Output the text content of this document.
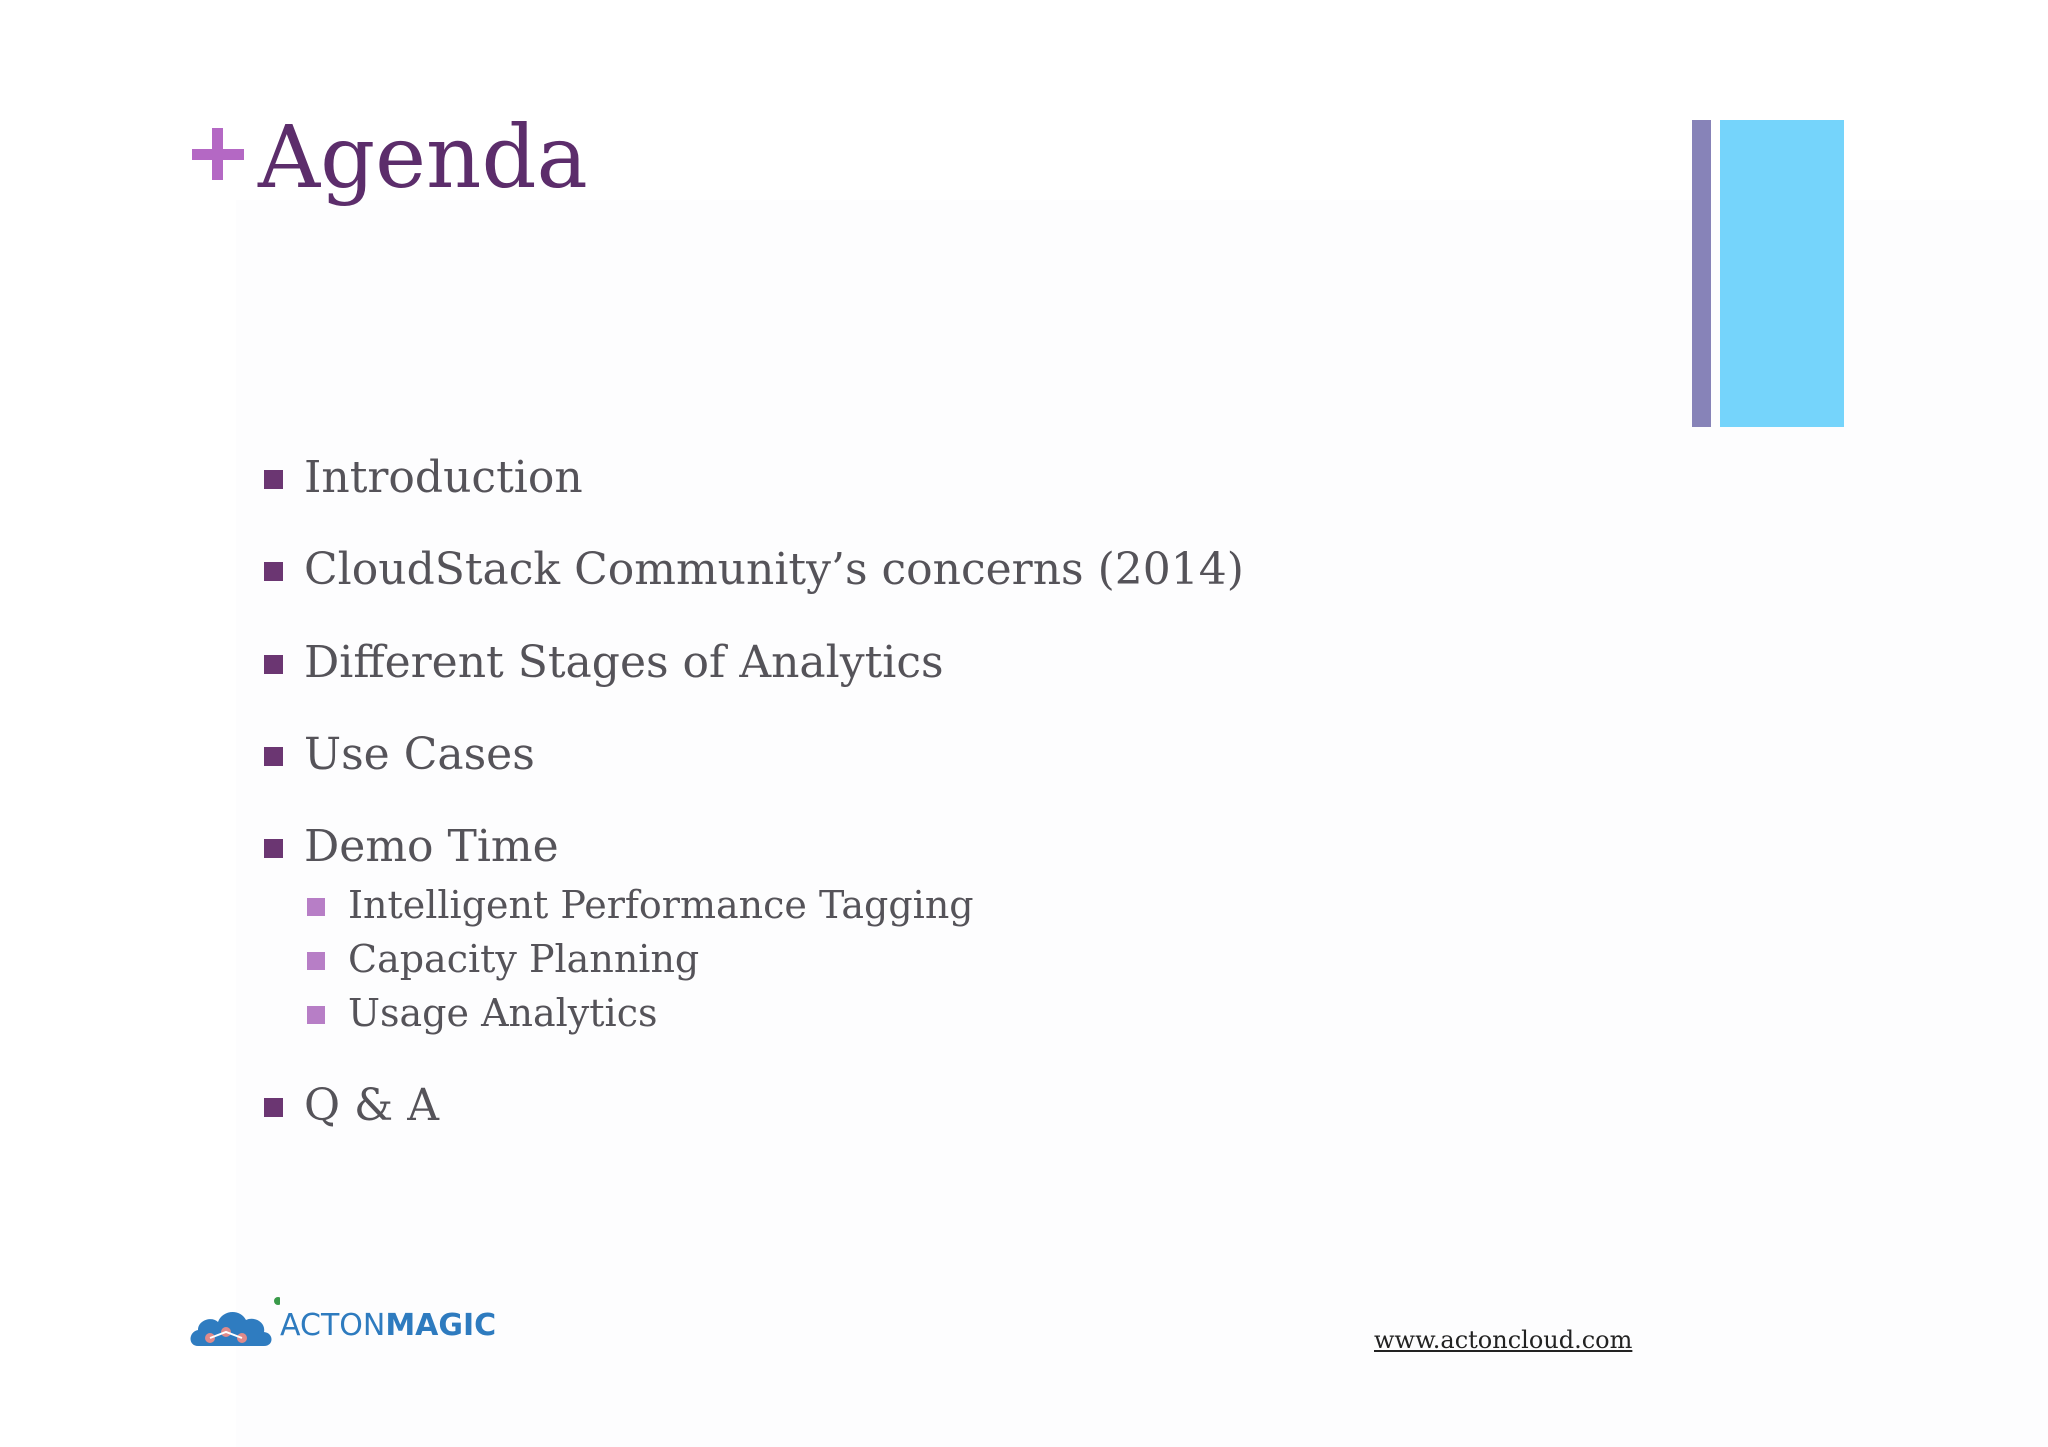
Agenda
Introduction
CloudStack Community’s concerns (2014)
Different Stages of Analytics
Use Cases
Demo Time
Intelligent Performance Tagging
Capacity Planning
Usage Analytics
Q & A
ACTONMAGIC	www.actoncloud.com
